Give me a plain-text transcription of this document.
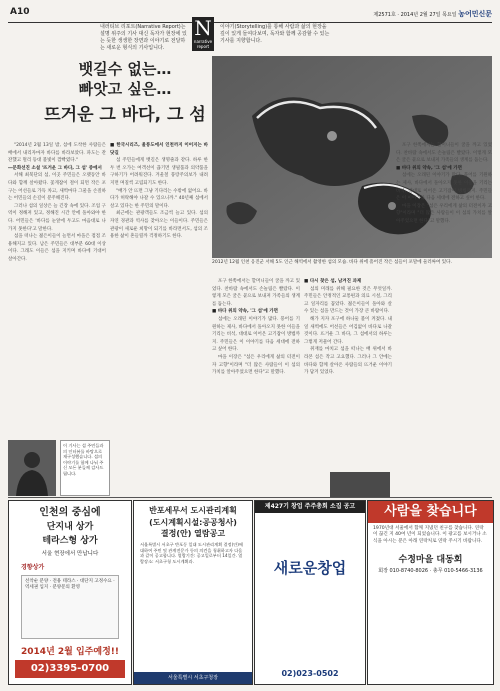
A10	제2571호 · 2014년 2월 27일 목요일 농어민신문
N
narrative report
내러티브 리포트(Narrative Report)는 설명 위주의 기사 대신 독자가 현장에 있는 듯한 생생한 장면과 이야기로 전달하는 새로운 형식의 기사입니다.
이야기(Storytelling)를 통해 사람과 삶의 현장을 깊이 있게 들여다보며, 독자와 함께 공감할 수 있는 기사를 지향합니다.
뱃길수 없는…
빠앗고 싶은…
뜨거운 그 바다, 그 섬
2012년 12월 인천 옹진군 서해 5도 인근 해역에서 촬영한 섬의 모습. 바다 위에 흩어진 작은 섬들이 포말에 둘러싸여 있다.
"2014년 2월 13일 밤, 섬에 도착한 사람들은 배에서 내리자마자 바다를 바라보았다. 파도는 잔잔했고 멀리 등대 불빛이 깜빡였다."
―문화선진 소설 '뜨거운 그 바다, 그 섬' 중에서
서해 최북단의 섬, 이곳 주민들은 오랫동안 바다와 함께 살아왔다. 꽃게잡이 철이 되면 작은 포구는 어선들로 가득 차고, 새벽마다 그물을 손질하는 어민들의 손길이 분주해진다.
그러나 섬의 일상은 늘 긴장 속에 있다. 조업 구역이 정해져 있고, 정해진 시간 안에 돌아와야 한다. 어민들은 '바다를 눈앞에 두고도 마음대로 나가지 못한다'고 말한다.
섬을 떠나는 젊은이들이 늘면서 마을은 점점 조용해지고 있다. 남은 주민들은 대부분 60대 이상이다. 그래도 이들은 섬을 지키며 바다에 기대어 살아간다.
■ 한국시리즈, 울릉도에서 인천까지 이어지는 바닷길
섬 주민들에게 뱃길은 생명줄과 같다. 하루 한두 번 오가는 여객선이 끊기면 생필품과 의약품을 구하기가 어려워진다. 겨울철 풍랑주의보가 내려지면 며칠씩 고립되기도 한다.
"배가 안 뜨면 그냥 기다리는 수밖에 없어요. 바다가 허락해야 나갈 수 있으니까." 40년째 섬에서 살고 있다는 한 주민의 말이다.
최근에는 관광객들도 조금씩 늘고 있다. 섬의 자연 경관과 역사를 찾아오는 이들이다. 주민들은 관광이 새로운 희망이 되기를 바라면서도, 섬의 조용한 삶이 흔들릴까 걱정하기도 한다.
포구 한쪽에서는 할머니들이 굴을 까고 있었다. 찬바람 속에서도 손놀림은 빨랐다. 이렇게 모은 굴은 뭍으로 보내져 가족들의 생계를 돕는다.
■ 바다 위의 약속, '그 섬'에 가면
섬에는 오래된 이야기가 많다. 풍어를 기원하는 제사, 바다에서 돌아오지 못한 이들을 기리는 비석, 대대로 이어온 고기잡이 방법까지. 주민들은 이 이야기를 다음 세대에 전하고 싶어 한다.
마을 이장은 "섬은 우리에게 삶의 터전이자 고향"이라며 "더 많은 사람들이 이 섬의 가치를 알아주었으면 한다"고 말했다.
■ 다시 찾은 섬, 남겨진 과제
섬의 미래를 위해 필요한 것은 무엇일까. 주민들은 안정적인 교통편과 의료 시설, 그리고 일자리를 꼽았다. 젊은이들이 돌아와 살 수 있는 섬을 만드는 것이 가장 큰 바람이다.
해가 지자 포구에 하나둘 불이 켜졌다. 내일 새벽에도 어선들은 어김없이 바다로 나갈 것이다. 뜨거운 그 바다, 그 섬에서의 하루는 그렇게 저물어 간다.
취재를 마치고 섬을 떠나는 배 위에서 바라본 섬은 작고 고요했다. 그러나 그 안에는 바다와 함께 살아온 사람들의 뜨거운 이야기가 담겨 있었다.
포구 한쪽에서는 할머니들이 굴을 까고 있었다. 찬바람 속에서도 손놀림은 빨랐다. 이렇게 모은 굴은 뭍으로 보내져 가족들의 생계를 돕는다.
■ 바다 위의 약속, '그 섬'에 가면
섬에는 오래된 이야기가 많다. 풍어를 기원하는 제사, 바다에서 돌아오지 못한 이들을 기리는 비석, 대대로 이어온 고기잡이 방법까지. 주민들은 이 이야기를 다음 세대에 전하고 싶어 한다.
마을 이장은 "섬은 우리에게 삶의 터전이자 고향"이라며 "더 많은 사람들이 이 섬의 가치를 알아주었으면 한다"고 말했다.
이 기사는 섬 주민들과의 인터뷰를 바탕으로 재구성했습니다. 섬의 이야기를 함께 나눠 주신 모든 분들께 감사드립니다.
인천의 중심에
단지내 상가
테라스형 상가
서울 현장에서 만납니다
경향상가
선착순 분양 · 전용 테라스 · 대단지 고정수요 · 역세권 입지 · 분양문의 환영
2014년 2월 입주예정!!
02)3395-0700
반포세무서 도시관리계획
(도시계획시설:공공청사)
결정(안) 열람공고
서울특별시 서초구 반포동 일대 도시관리계획 결정(안)에 대하여 주민 및 관계전문가 등의 의견을 청취하고자 다음과 같이 공고합니다. 열람기간: 공고일로부터 14일간. 열람장소: 서초구청 도시계획과.
서울특별시 서초구청장
제427기 창업 주주총회 소집 공고
새로운창업
02)023-0502
사람을 찾습니다
1970년대 서울에서 함께 지냈던 친구를 찾습니다. 연락이 끊긴 지 40여 년이 되었습니다. 이 광고를 보시거나 소식을 아시는 분은 아래 연락처로 연락 주시기 바랍니다.
수정마을 대동회
회장 010-8740-8026 · 총무 010-5466-3136
